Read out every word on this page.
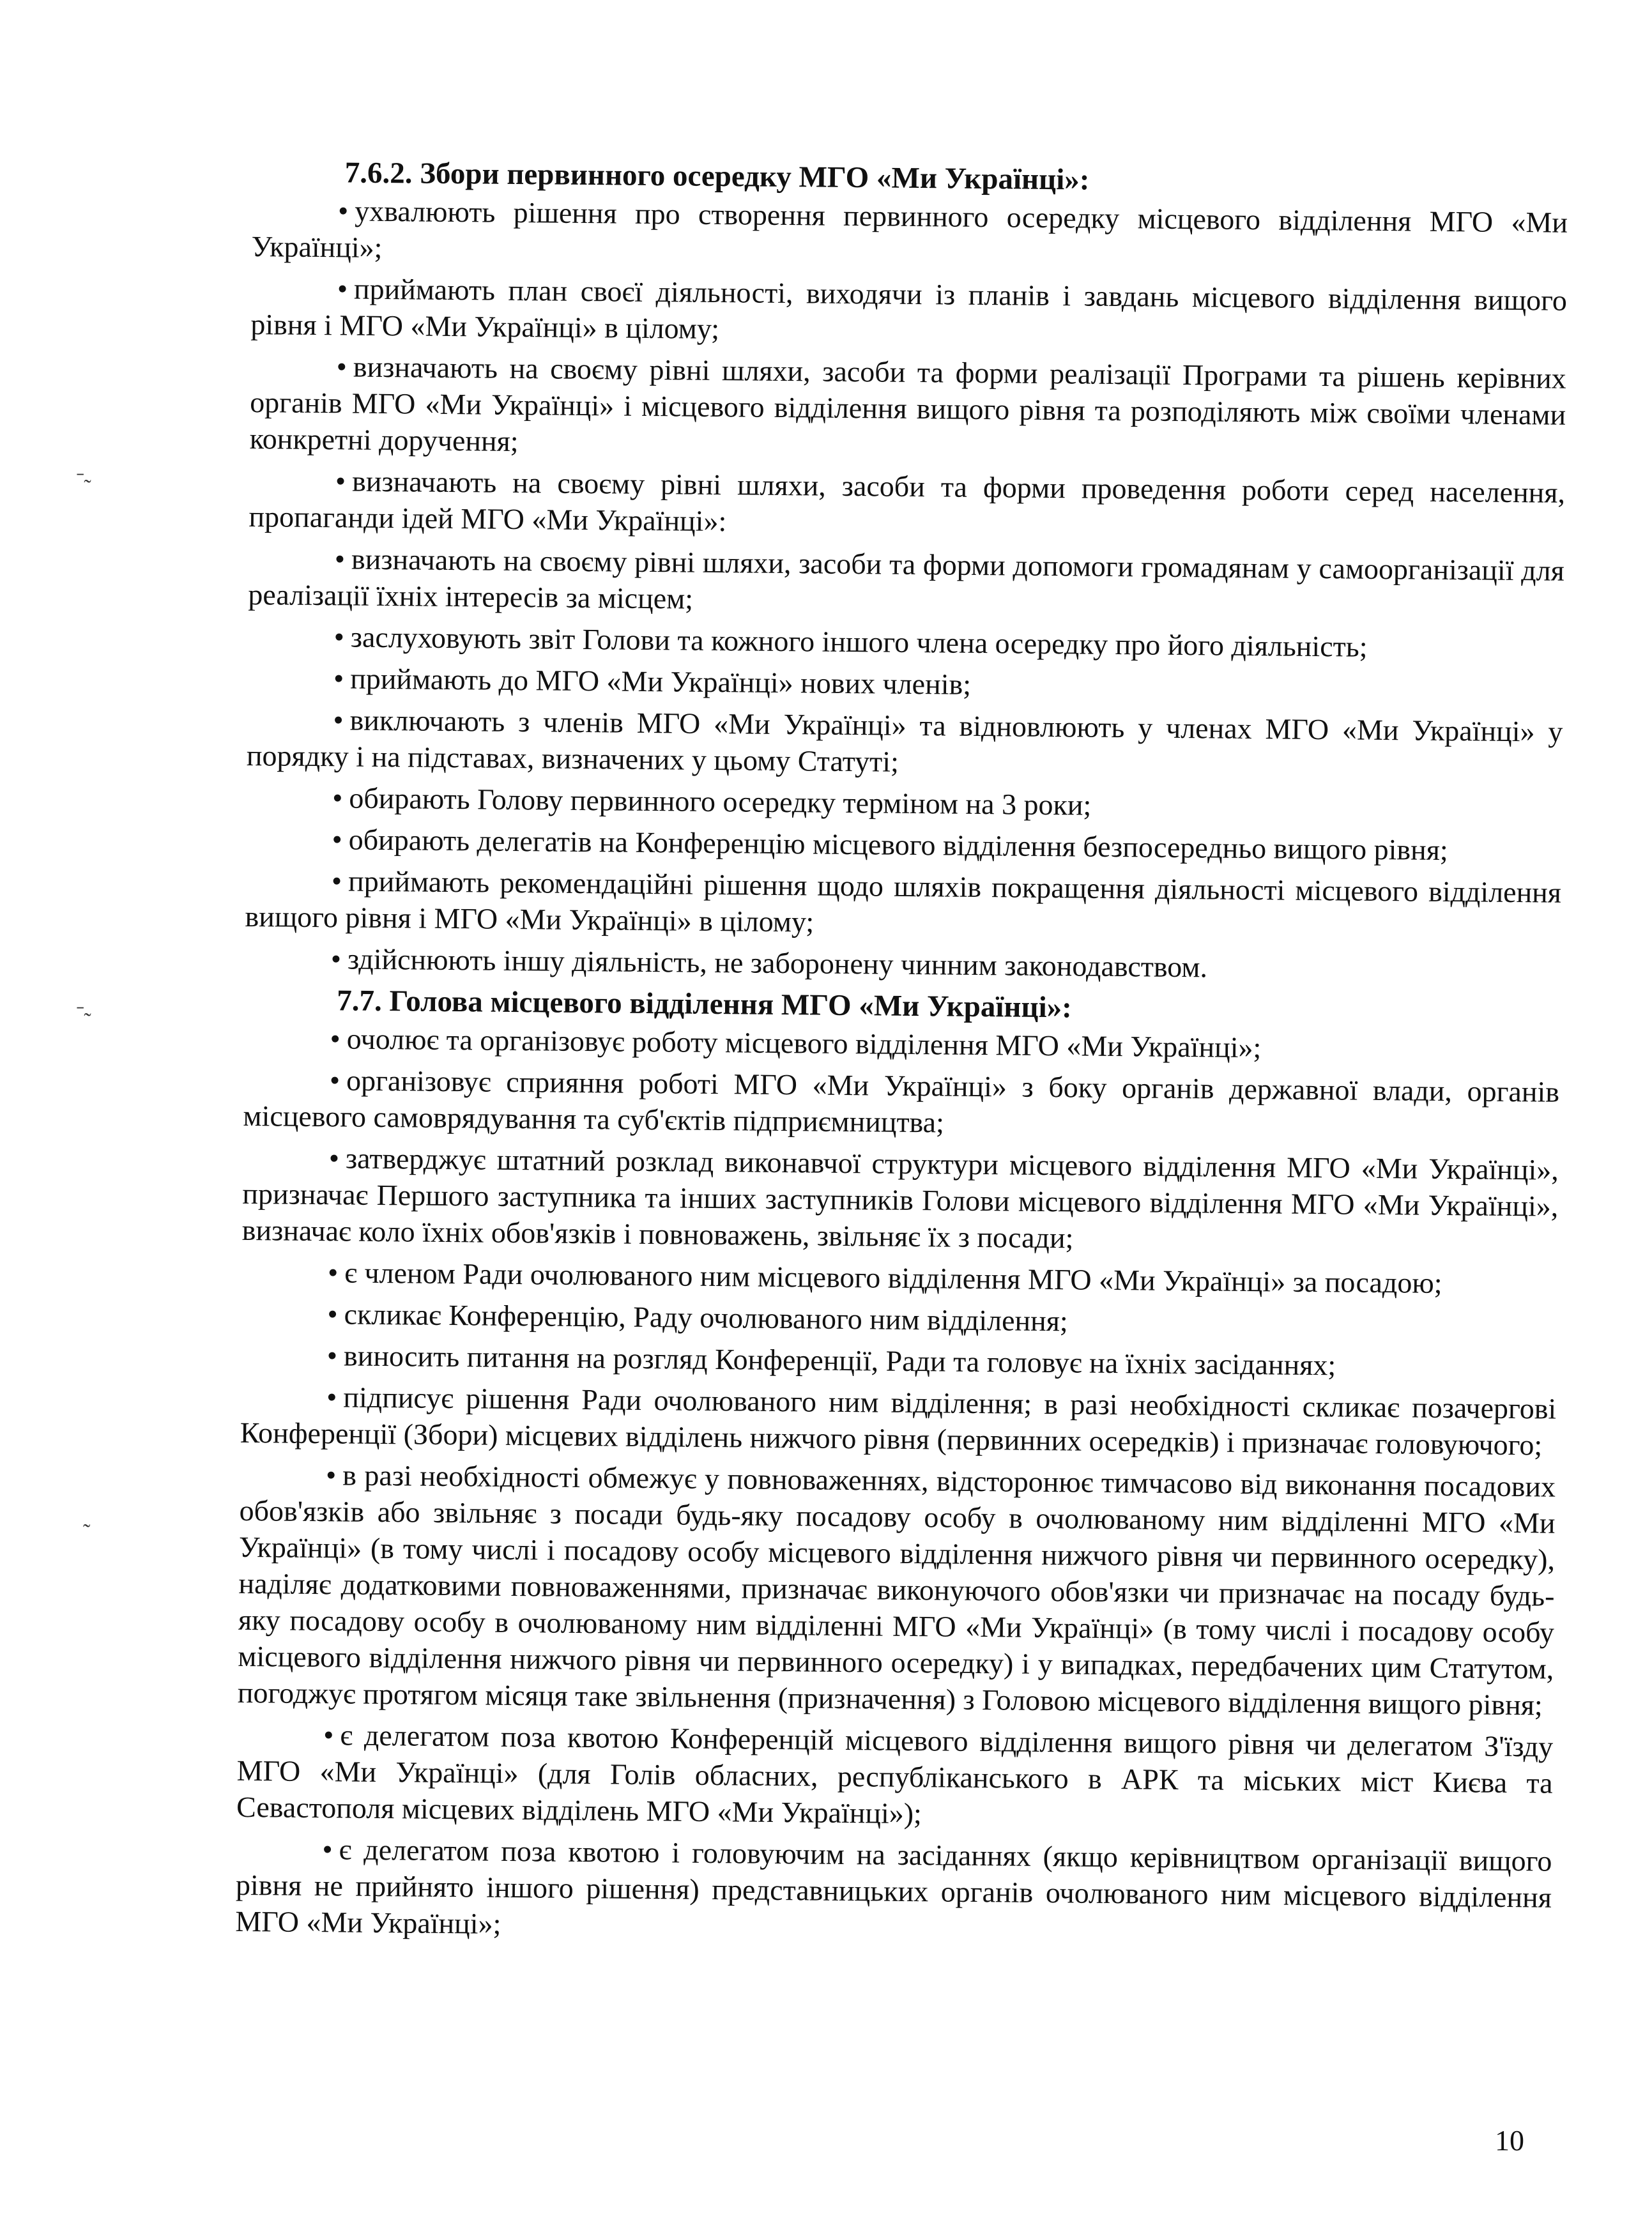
7.6.2. Збори первинного осередку МГО «Ми Українці»:
• ухвалюють рішення про створення первинного осередку місцевого відділення МГО «Ми Українці»;
• приймають план своєї діяльності, виходячи із планів і завдань місцевого відділення вищого рівня і МГО «Ми Українці» в цілому;
• визначають на своєму рівні шляхи, засоби та форми реалізації Програми та рішень керівних органів МГО «Ми Українці» і місцевого відділення вищого рівня та розподіляють між своїми членами конкретні доручення;
• визначають на своєму рівні шляхи, засоби та форми проведення роботи серед населення, пропаганди ідей МГО «Ми Українці»:
• визначають на своєму рівні шляхи, засоби та форми допомоги громадянам у самоорганізації для реалізації їхніх інтересів за місцем;
• заслуховують звіт Голови та кожного іншого члена осередку про його діяльність;
• приймають до МГО «Ми Українці» нових членів;
• виключають з членів МГО «Ми Українці» та відновлюють у членах МГО «Ми Українці» у порядку і на підставах, визначених у цьому Статуті;
• обирають Голову первинного осередку терміном на 3 роки;
• обирають делегатів на Конференцію місцевого відділення безпосередньо вищого рівня;
• приймають рекомендаційні рішення щодо шляхів покращення діяльності місцевого відділення вищого рівня і МГО «Ми Українці» в цілому;
• здійснюють іншу діяльність, не заборонену чинним законодавством.
7.7. Голова місцевого відділення МГО «Ми Українці»:
• очолює та організовує роботу місцевого відділення МГО «Ми Українці»;
• організовує сприяння роботі МГО «Ми Українці» з боку органів державної влади, органів місцевого самоврядування та суб'єктів підприємництва;
• затверджує штатний розклад виконавчої структури місцевого відділення МГО «Ми Українці», призначає Першого заступника та інших заступників Голови місцевого відділення МГО «Ми Українці», визначає коло їхніх обов'язків і повноважень, звільняє їх з посади;
• є членом Ради очолюваного ним місцевого відділення МГО «Ми Українці» за посадою;
• скликає Конференцію, Раду очолюваного ним відділення;
• виносить питання на розгляд Конференції, Ради та головує на їхніх засіданнях;
• підписує рішення Ради очолюваного ним відділення; в разі необхідності скликає позачергові Конференції (Збори) місцевих відділень нижчого рівня (первинних осередків) і призначає головуючого;
• в разі необхідності обмежує у повноваженнях, відсторонює тимчасово від виконання посадових обов'язків або звільняє з посади будь-яку посадову особу в очолюваному ним відділенні МГО «Ми Українці» (в тому числі і посадову особу місцевого відділення нижчого рівня чи первинного осередку), наділяє додатковими повноваженнями, призначає виконуючого обов'язки чи призначає на посаду будь-яку посадову особу в очолюваному ним відділенні МГО «Ми Українці» (в тому числі і посадову особу місцевого відділення нижчого рівня чи первинного осередку) і у випадках, передбачених цим Статутом, погоджує протягом місяця таке звільнення (призначення) з Головою місцевого відділення вищого рівня;
• є делегатом поза квотою Конференцій місцевого відділення вищого рівня чи делегатом З'їзду МГО «Ми Українці» (для Голів обласних, республіканського в АРК та міських міст Києва та Севастополя місцевих відділень МГО «Ми Українці»);
• є делегатом поза квотою і головуючим на засіданнях (якщо керівництвом організації вищого рівня не прийнято іншого рішення) представницьких органів очолюваного ним місцевого відділення МГО «Ми Українці»;
˗˷
˗˷
˷
10
